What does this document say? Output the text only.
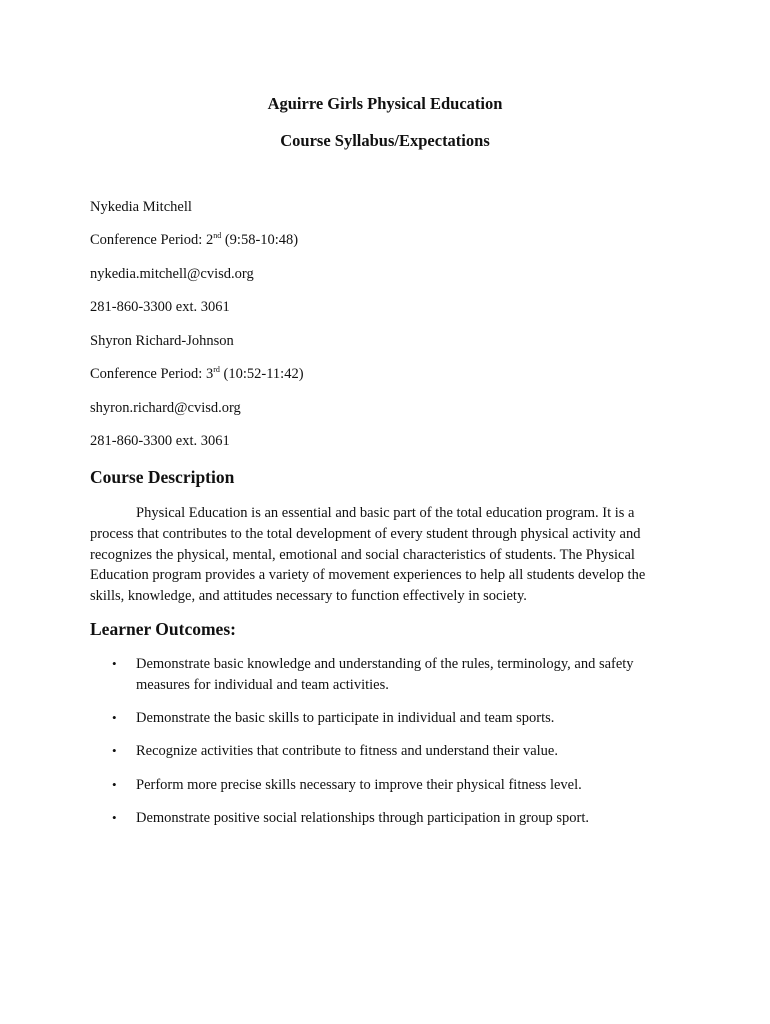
Aguirre Girls Physical Education
Course Syllabus/Expectations

Nykedia Mitchell

Conference Period: 2nd (9:58-10:48)

nykedia.mitchell@cvisd.org

281-860-3300 ext. 3061

Shyron Richard-Johnson

Conference Period: 3rd (10:52-11:42)

shyron.richard@cvisd.org

281-860-3300 ext. 3061

Course Description

Physical Education is an essential and basic part of the total education program. It is a process that contributes to the total development of every student through physical activity and recognizes the physical, mental, emotional and social characteristics of students. The Physical Education program provides a variety of movement experiences to help all students develop the skills, knowledge, and attitudes necessary to function effectively in society.

Learner Outcomes:
• Demonstrate basic knowledge and understanding of the rules, terminology, and safety measures for individual and team activities.
• Demonstrate the basic skills to participate in individual and team sports.
• Recognize activities that contribute to fitness and understand their value.
• Perform more precise skills necessary to improve their physical fitness level.
• Demonstrate positive social relationships through participation in group sport.
